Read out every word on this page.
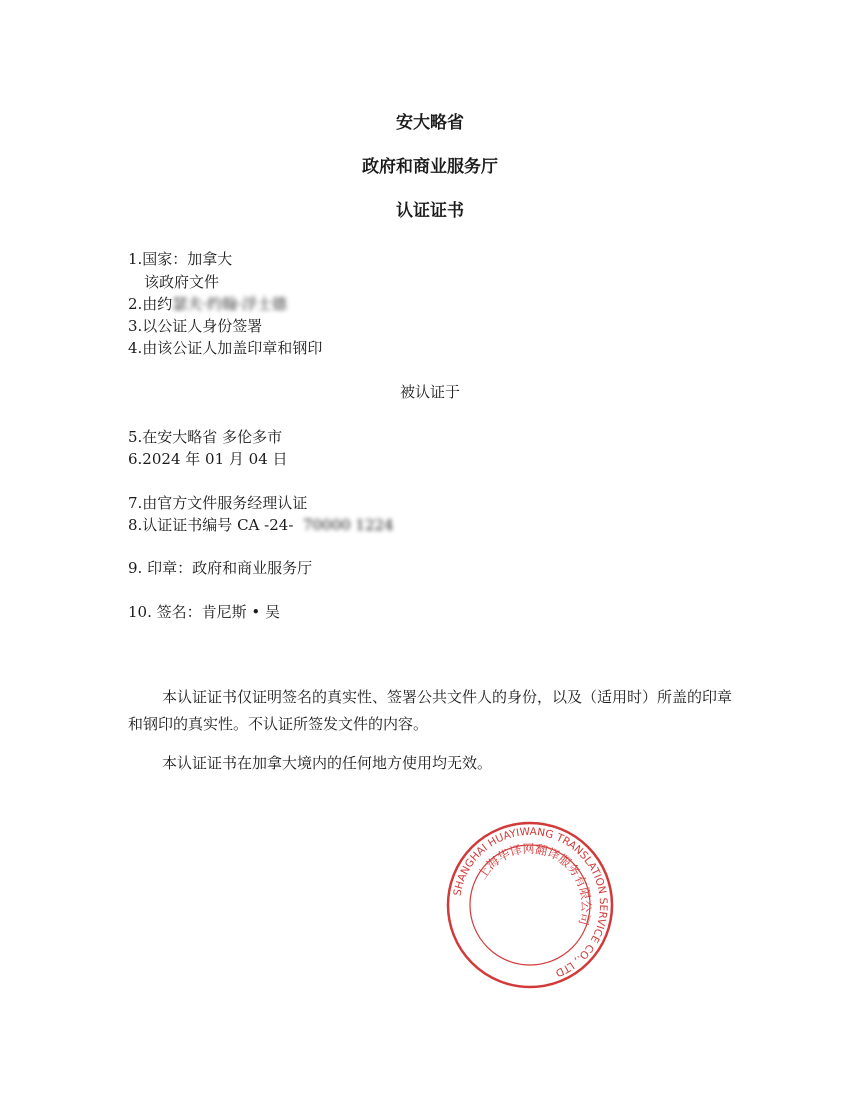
安大略省
政府和商业服务厅
认证证书
1.国家：加拿大
该政府文件
2.由约瑟夫·约翰·浮士德
3.以公证人身份签署
4.由该公证人加盖印章和钢印
被认证于
5.在安大略省 多伦多市
6.2024 年 01 月 04 日
7.由官方文件服务经理认证
8.认证证书编号 CA -24- 70000 1224
9. 印章：政府和商业服务厅
10. 签名：肯尼斯 • 吴
本认证证书仅证明签名的真实性、签署公共文件人的身份，以及（适用时）所盖的印章和钢印的真实性。不认证所签发文件的内容。
本认证证书在加拿大境内的任何地方使用均无效。
SHANGHAI HUAYIWANG TRANSLATION SERVICE CO., LTD
上海华译网翻译服务有限公司
